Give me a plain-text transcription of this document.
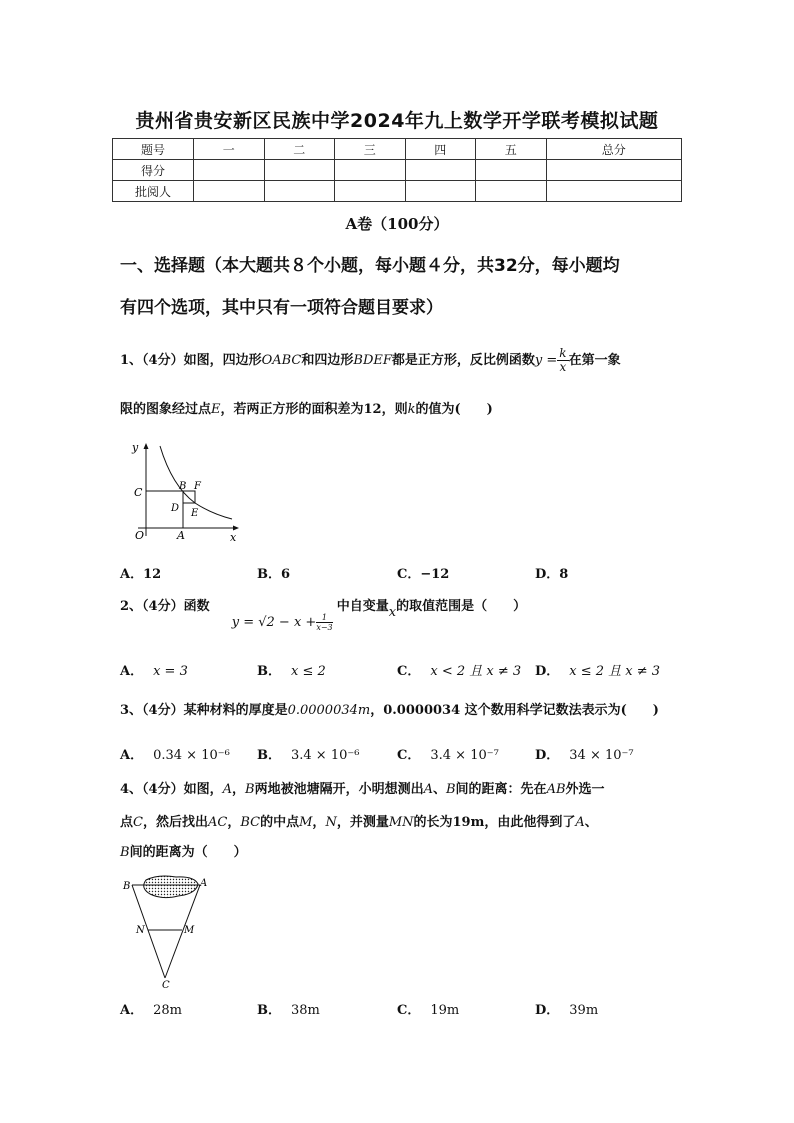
贵州省贵安新区民族中学2024年九上数学开学联考模拟试题
题号	一	二	三	四	五	总分
得分						
批阅人						
A卷（100分）
一、选择题（本大题共８个小题，每小题４分，共32分，每小题均
有四个选项，其中只有一项符合题目要求）
1、（4分）如图，四边形OABC和四边形BDEF都是正方形，反比例函数$y = \frac{k}{x}$ 在第一象
限的图象经过点E，若两正方形的面积差为12，则k的值为(　　)
y
x
O	A
C	B F
D E
A．12	B．6	C．−12	D．8
2、（4分）函数 $y = √2 - x + \frac{1}{x-3}$
中自变量x的取值范围是（　　）
A． x = 3	B． x ≤ 2	C． x < 2 且 x ≠ 3 D． x ≤ 2 且 x ≠ 3
3、（4分）某种材料的厚度是0.0000034m，0.0000034 这个数用科学记数法表示为(　　)
A． 0.34 × 10⁻⁶ B． 3.4 × 10⁻⁶	C． 3.4 × 10⁻⁷	D． 34 × 10⁻⁷
4、（4分）如图，A，B两地被池塘隔开，小明想测出A、B间的距离：先在AB外选一
点C，然后找出AC，BC的中点M，N，并测量MN的长为19m，由此他得到了A、
B间的距离为（　　）
B	A
N	M
C
A． 28m	B． 38m	C． 19m	D． 39m
